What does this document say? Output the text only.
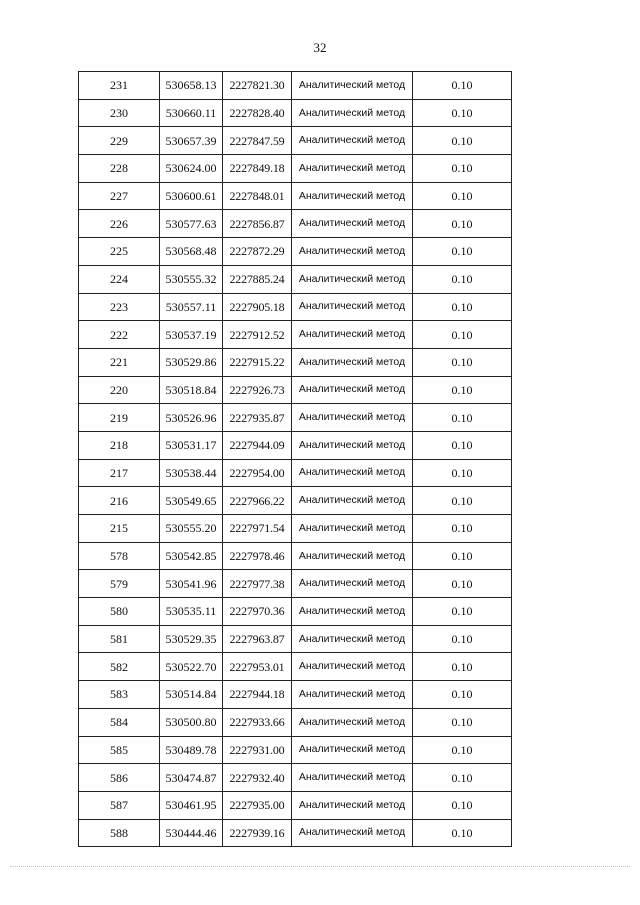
32
231	530658.13	2227821.30	Аналитический метод	0.10
230	530660.11	2227828.40	Аналитический метод	0.10
229	530657.39	2227847.59	Аналитический метод	0.10
228	530624.00	2227849.18	Аналитический метод	0.10
227	530600.61	2227848.01	Аналитический метод	0.10
226	530577.63	2227856.87	Аналитический метод	0.10
225	530568.48	2227872.29	Аналитический метод	0.10
224	530555.32	2227885.24	Аналитический метод	0.10
223	530557.11	2227905.18	Аналитический метод	0.10
222	530537.19	2227912.52	Аналитический метод	0.10
221	530529.86	2227915.22	Аналитический метод	0.10
220	530518.84	2227926.73	Аналитический метод	0.10
219	530526.96	2227935.87	Аналитический метод	0.10
218	530531.17	2227944.09	Аналитический метод	0.10
217	530538.44	2227954.00	Аналитический метод	0.10
216	530549.65	2227966.22	Аналитический метод	0.10
215	530555.20	2227971.54	Аналитический метод	0.10
578	530542.85	2227978.46	Аналитический метод	0.10
579	530541.96	2227977.38	Аналитический метод	0.10
580	530535.11	2227970.36	Аналитический метод	0.10
581	530529.35	2227963.87	Аналитический метод	0.10
582	530522.70	2227953.01	Аналитический метод	0.10
583	530514.84	2227944.18	Аналитический метод	0.10
584	530500.80	2227933.66	Аналитический метод	0.10
585	530489.78	2227931.00	Аналитический метод	0.10
586	530474.87	2227932.40	Аналитический метод	0.10
587	530461.95	2227935.00	Аналитический метод	0.10
588	530444.46	2227939.16	Аналитический метод	0.10
